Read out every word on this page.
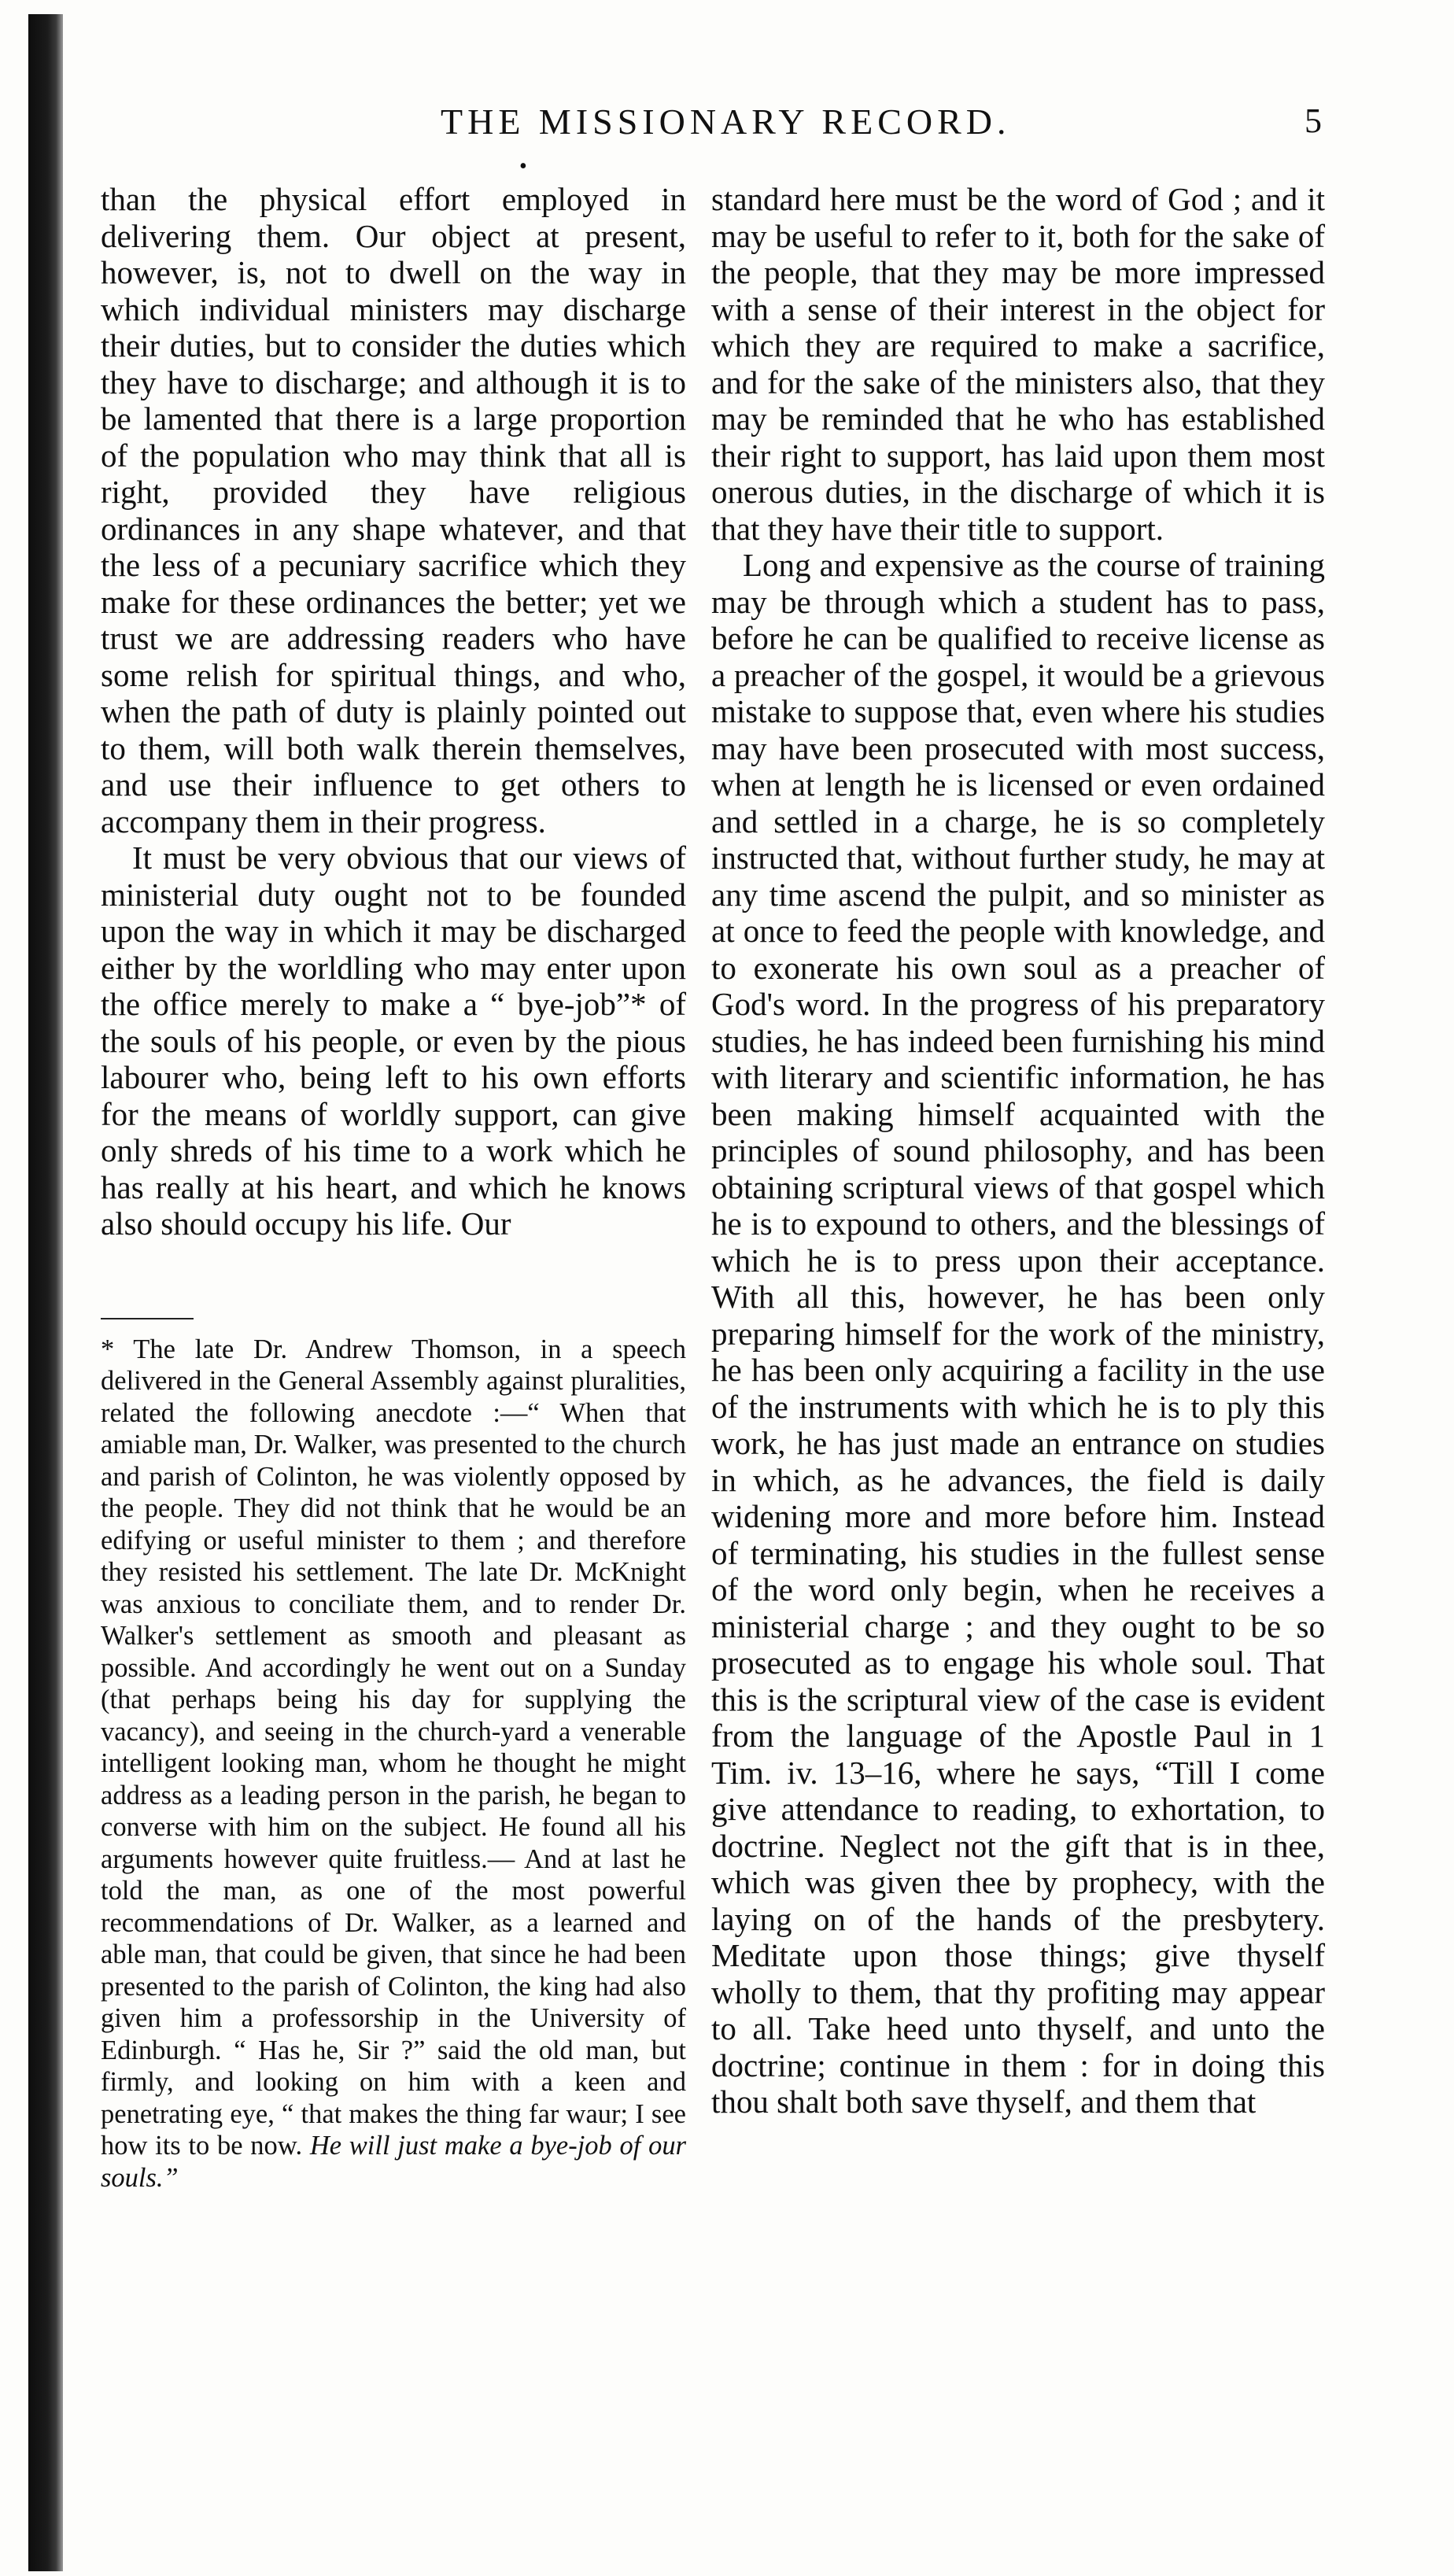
THE MISSIONARY RECORD.	5
•

than the physical effort employed in delivering them. Our object at present, however, is, not to dwell on the way in which individual ministers may discharge their duties, but to consider the duties which they have to discharge; and although it is to be lamented that there is a large proportion of the population who may think that all is right, provided they have religious ordinances in any shape whatever, and that the less of a pecuniary sacrifice which they make for these ordinances the better; yet we trust we are addressing readers who have some relish for spiritual things, and who, when the path of duty is plainly pointed out to them, will both walk therein themselves, and use their influence to get others to accompany them in their progress.

It must be very obvious that our views of ministerial duty ought not to be founded upon the way in which it may be discharged either by the worldling who may enter upon the office merely to make a “ bye-job”* of the souls of his people, or even by the pious labourer who, being left to his own efforts for the means of worldly support, can give only shreds of his time to a work which he has really at his heart, and which he knows also should occupy his life. Our

* The late Dr. Andrew Thomson, in a speech delivered in the General Assembly against pluralities, related the following anecdote :—“ When that amiable man, Dr. Walker, was presented to the church and parish of Colinton, he was violently opposed by the people. They did not think that he would be an edifying or useful minister to them ; and therefore they resisted his settlement. The late Dr. McKnight was anxious to conciliate them, and to render Dr. Walker's settlement as smooth and pleasant as possible. And accordingly he went out on a Sunday (that perhaps being his day for supplying the vacancy), and seeing in the church-yard a venerable intelligent looking man, whom he thought he might address as a leading person in the parish, he began to converse with him on the subject. He found all his arguments however quite fruitless.— And at last he told the man, as one of the most powerful recommendations of Dr. Walker, as a learned and able man, that could be given, that since he had been presented to the parish of Colinton, the king had also given him a professorship in the University of Edinburgh. “ Has he, Sir ?” said the old man, but firmly, and looking on him with a keen and penetrating eye, “ that makes the thing far waur; I see how its to be now. He will just make a bye-job of our souls.”

standard here must be the word of God ; and it may be useful to refer to it, both for the sake of the people, that they may be more impressed with a sense of their interest in the object for which they are required to make a sacrifice, and for the sake of the ministers also, that they may be reminded that he who has established their right to support, has laid upon them most onerous duties, in the discharge of which it is that they have their title to support.

Long and expensive as the course of training may be through which a student has to pass, before he can be qualified to receive license as a preacher of the gospel, it would be a grievous mistake to suppose that, even where his studies may have been prosecuted with most success, when at length he is licensed or even ordained and settled in a charge, he is so completely instructed that, without further study, he may at any time ascend the pulpit, and so minister as at once to feed the people with knowledge, and to exonerate his own soul as a preacher of God's word. In the progress of his preparatory studies, he has indeed been furnishing his mind with literary and scientific information, he has been making himself acquainted with the principles of sound philosophy, and has been obtaining scriptural views of that gospel which he is to expound to others, and the blessings of which he is to press upon their acceptance. With all this, however, he has been only preparing himself for the work of the ministry, he has been only acquiring a facility in the use of the instruments with which he is to ply this work, he has just made an entrance on studies in which, as he advances, the field is daily widening more and more before him. Instead of terminating, his studies in the fullest sense of the word only begin, when he receives a ministerial charge ; and they ought to be so prosecuted as to engage his whole soul. That this is the scriptural view of the case is evident from the language of the Apostle Paul in 1 Tim. iv. 13–16, where he says, “Till I come give attendance to reading, to exhortation, to doctrine. Neglect not the gift that is in thee, which was given thee by prophecy, with the laying on of the hands of the presbytery. Meditate upon those things; give thyself wholly to them, that thy profiting may appear to all. Take heed unto thyself, and unto the doctrine; continue in them : for in doing this thou shalt both save thyself, and them that
